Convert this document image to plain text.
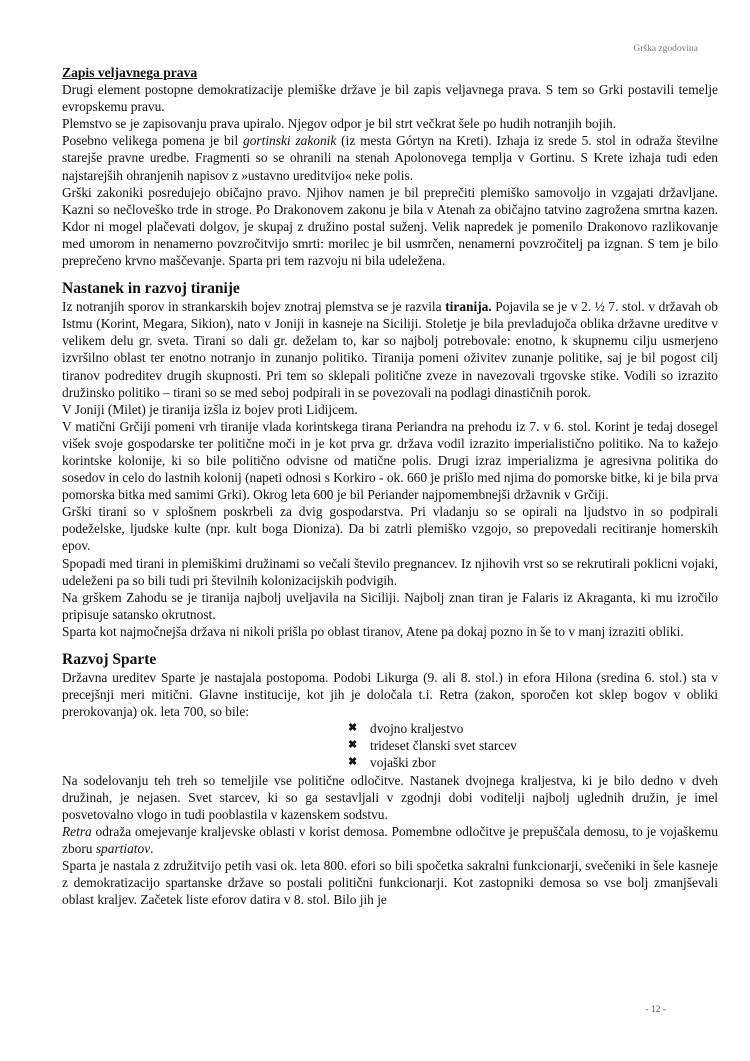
Grška zgodovina
Zapis veljavnega prava

Drugi element postopne demokratizacije plemiške države je bil zapis veljavnega prava. S tem so Grki postavili temelje evropskemu pravu.

Plemstvo se je zapisovanju prava upiralo. Njegov odpor je bil strt večkrat šele po hudih notranjih bojih.

Posebno velikega pomena je bil gortinski zakonik (iz mesta Górtyn na Kreti). Izhaja iz srede 5. stol in odraža številne starejše pravne uredbe. Fragmenti so se ohranili na stenah Apolonovega templja v Gortinu. S Krete izhaja tudi eden najstarejših ohranjenih napisov z »ustavno ureditvijo« neke polis.

Grški zakoniki posredujejo običajno pravo. Njihov namen je bil preprečiti plemiško samovoljo in vzgajati državljane. Kazni so nečloveško trde in stroge. Po Drakonovem zakonu je bila v Atenah za običajno tatvino zagrožena smrtna kazen. Kdor ni mogel plačevati dolgov, je skupaj z družino postal suženj. Velik napredek je pomenilo Drakonovo razlikovanje med umorom in nenamerno povzročitvijo smrti: morilec je bil usmrčen, nenamerni povzročitelj pa izgnan. S tem je bilo preprečeno krvno maščevanje. Sparta pri tem razvoju ni bila udeležena.

Nastanek in razvoj tiranije

Iz notranjih sporov in strankarskih bojev znotraj plemstva se je razvila tiranija. Pojavila se je v 2. ½ 7. stol. v državah ob Istmu (Korint, Megara, Sikion), nato v Joniji in kasneje na Siciliji. Stoletje je bila prevladujoča oblika državne ureditve v velikem delu gr. sveta. Tirani so dali gr. deželam to, kar so najbolj potrebovale: enotno, k skupnemu cilju usmerjeno izvršilno oblast ter enotno notranjo in zunanjo politiko. Tiranija pomeni oživitev zunanje politike, saj je bil pogost cilj tiranov podreditev drugih skupnosti. Pri tem so sklepali politične zveze in navezovali trgovske stike. Vodili so izrazito družinsko politiko – tirani so se med seboj podpirali in se povezovali na podlagi dinastičnih porok.

V Joniji (Milet) je tiranija izšla iz bojev proti Lidijcem.

V matični Grčiji pomeni vrh tiranije vlada korintskega tirana Periandra na prehodu iz 7. v 6. stol. Korint je tedaj dosegel višek svoje gospodarske ter politične moči in je kot prva gr. država vodil izrazito imperialistično politiko. Na to kažejo korintske kolonije, ki so bile politično odvisne od matične polis. Drugi izraz imperializma je agresivna politika do sosedov in celo do lastnih kolonij (napeti odnosi s Korkiro - ok. 660 je prišlo med njima do pomorske bitke, ki je bila prva pomorska bitka med samimi Grki). Okrog leta 600 je bil Periander najpomembnejši državnik v Grčiji.

Grški tirani so v splošnem poskrbeli za dvig gospodarstva. Pri vladanju so se opirali na ljudstvo in so podpirali podeželske, ljudske kulte (npr. kult boga Dioniza). Da bi zatrli plemiško vzgojo, so prepovedali recitiranje homerskih epov.

Spopadi med tirani in plemiškimi družinami so večali število pregnancev. Iz njihovih vrst so se rekrutirali poklicni vojaki, udeleženi pa so bili tudi pri številnih kolonizacijskih podvigih.

Na grškem Zahodu se je tiranija najbolj uveljavila na Siciliji. Najbolj znan tiran je Falaris iz Akraganta, ki mu izročilo pripisuje satansko okrutnost.

Sparta kot najmočnejša država ni nikoli prišla po oblast tiranov, Atene pa dokaj pozno in še to v manj izraziti obliki.

Razvoj Sparte

Državna ureditev Sparte je nastajala postopoma. Podobi Likurga (9. ali 8. stol.) in efora Hilona (sredina 6. stol.) sta v precejšnji meri mitični. Glavne institucije, kot jih je določala t.i. Retra (zakon, sporočen kot sklep bogov v obliki prerokovanja) ok. leta 700, so bile:

✖ dvojno kraljestvo
✖ trideset članski svet starcev
✖ vojaški zbor

Na sodelovanju teh treh so temeljile vse politične odločitve. Nastanek dvojnega kraljestva, ki je bilo dedno v dveh družinah, je nejasen. Svet starcev, ki so ga sestavljali v zgodnji dobi voditelji najbolj uglednih družin, je imel posvetovalno vlogo in tudi pooblastila v kazenskem sodstvu.

Retra odraža omejevanje kraljevske oblasti v korist demosa. Pomembne odločitve je prepuščala demosu, to je vojaškemu zboru spartiatov.

Sparta je nastala z združitvijo petih vasi ok. leta 800. efori so bili spočetka sakralni funkcionarji, svečeniki in šele kasneje z demokratizacijo spartanske države so postali politični funkcionarji. Kot zastopniki demosa so vse bolj zmanjševali oblast kraljev. Začetek liste eforov datira v 8. stol. Bilo jih je

- 12 -
